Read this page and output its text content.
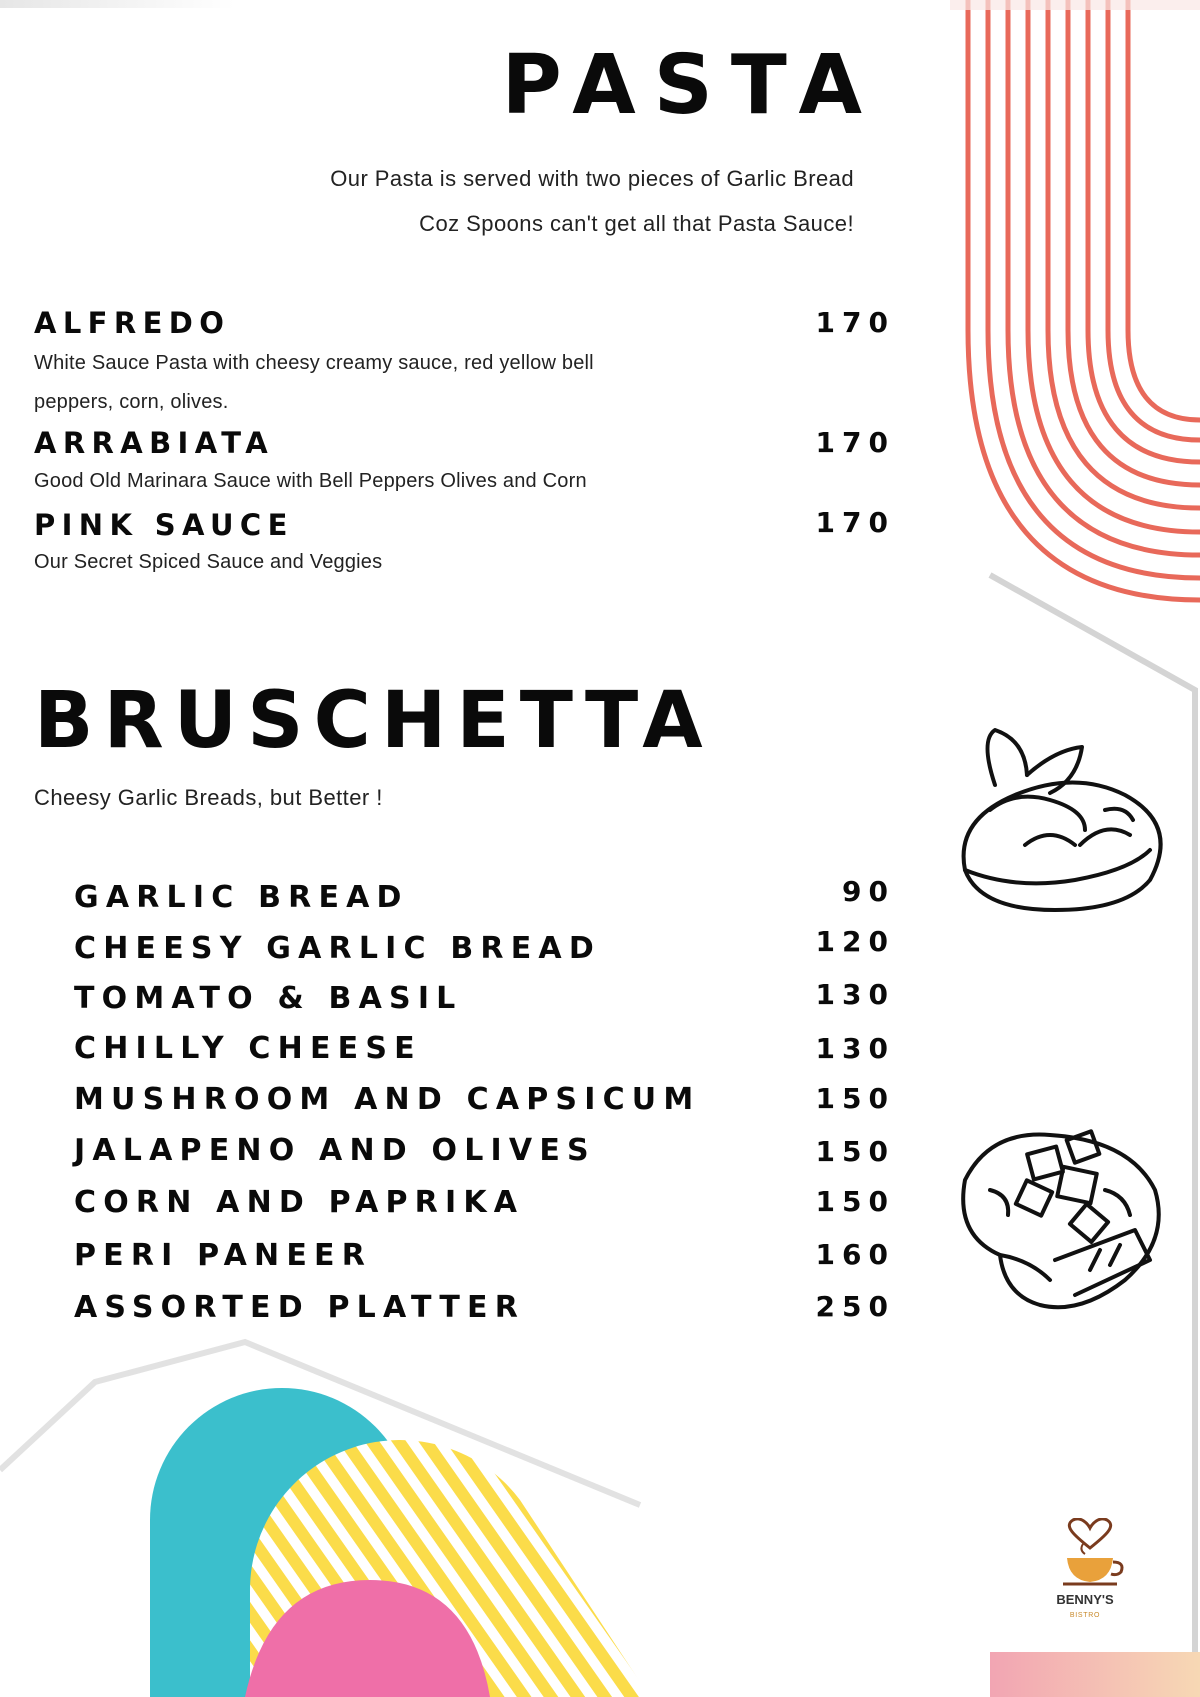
BENNY'S
BISTRO
PASTA
Our Pasta is served with two pieces of Garlic Bread
Coz Spoons can't get all that Pasta Sauce!
ALFREDO	170
White Sauce Pasta with cheesy creamy sauce, red yellow bell
peppers, corn, olives.
ARRABIATA	170
Good Old Marinara Sauce with Bell Peppers Olives and Corn
PINK SAUCE	170
Our Secret Spiced Sauce and Veggies
BRUSCHETTA
Cheesy Garlic Breads, but Better !
GARLIC BREAD	90
CHEESY GARLIC BREAD	120
TOMATO & BASIL	130
CHILLY CHEESE	130
MUSHROOM AND CAPSICUM	150
JALAPENO AND OLIVES	150
CORN AND PAPRIKA	150
PERI PANEER	160
ASSORTED PLATTER	250
